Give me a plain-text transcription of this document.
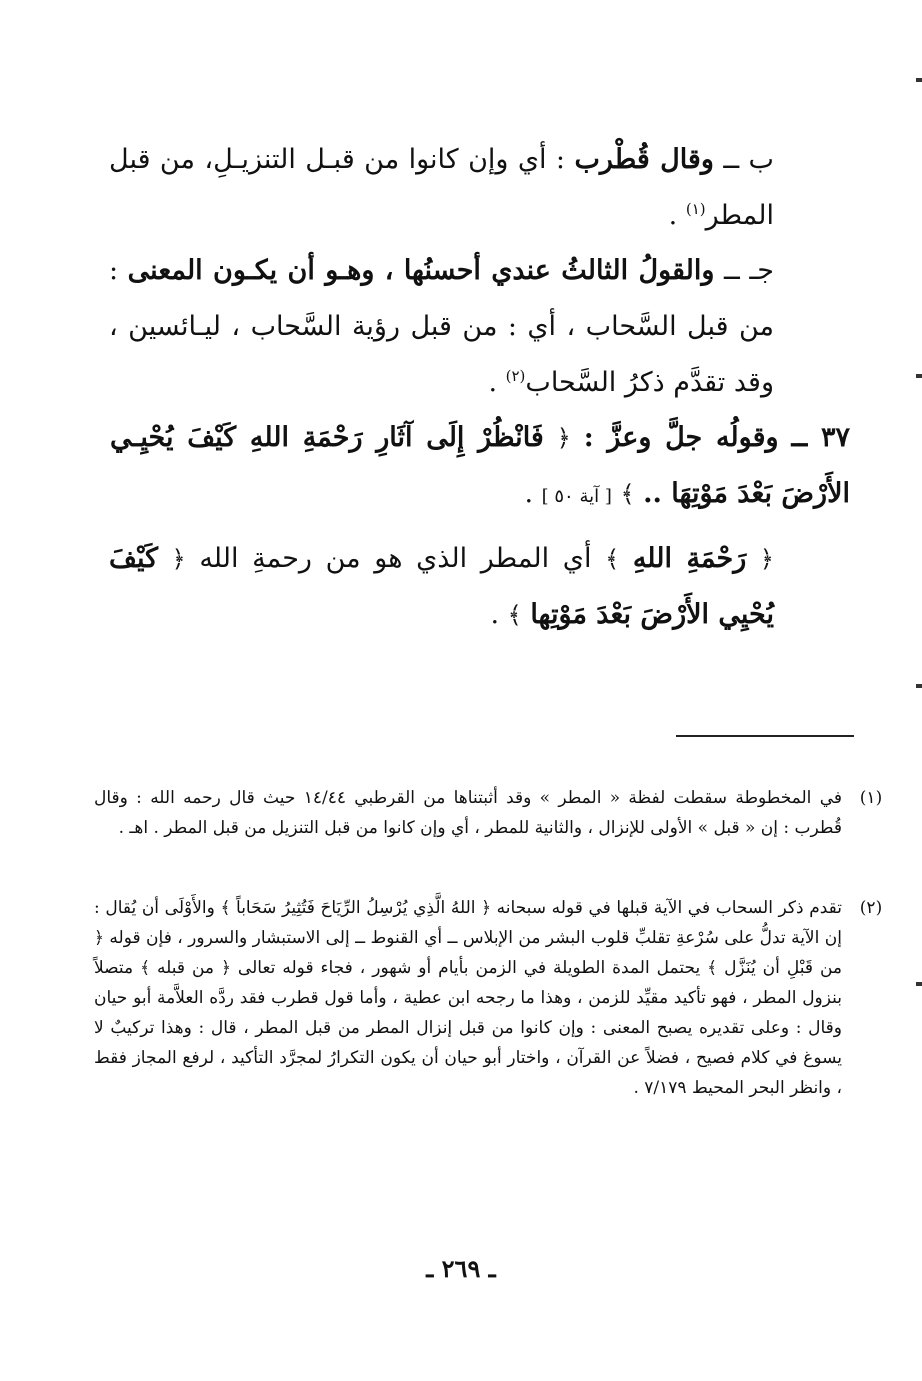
ب ــ وقال قُطْرب : أي وإن كانوا من قبـل التنزيـلِ، من قبل المطر$^{(١)}$ .
جـ ــ والقولُ الثالثُ عندي أحسنُها ، وهـو أن يكـون المعنى : من قبل السَّحاب ، أي : من قبل رؤية السَّحاب ، ليـائسين ، وقد تقدَّم ذكرُ السَّحاب$^{(٢)}$ .
٣٧ ــ وقولُه جلَّ وعزَّ : ﴿ فَانْظُرْ إِلَى آثَارِ رَحْمَةِ اللهِ كَيْفَ يُحْيِـي الأَرْضَ بَعْدَ مَوْتِهَا .. ﴾ [ آية ٥٠ ] .
﴿ رَحْمَةِ اللهِ ﴾ أي المطر الذي هو من رحمةِ الله ﴿ كَيْفَ يُحْيِي الأَرْضَ بَعْدَ مَوْتِها ﴾ .
(١)
في المخطوطة سقطت لفظة « المطر » وقد أثبتناها من القرطبي ١٤/٤٤ حيث قال رحمه الله : وقال قُطرب : إن « قبل » الأولى للإنزال ، والثانية للمطر ، أي وإن كانوا من قبل التنزيل من قبل المطر . اهـ .
(٢)
تقدم ذكر السحاب في الآية قبلها في قوله سبحانه ﴿ اللهُ الَّذِي يُرْسِلُ الرِّيَاحَ فَتُثِيرُ سَحَاباً ﴾ والأَوْلَى أن يُقال : إن الآية تدلُّ على سُرْعةِ تقلبِّ قلوب البشر من الإبلاس ــ أي القنوط ــ إلى الاستبشار والسرور ، فإن قوله ﴿ من قَبْلِ أن يُنَزَّل ﴾ يحتمل المدة الطويلة في الزمن بأيام أو شهور ، فجاء قوله تعالى ﴿ من قبله ﴾ متصلاً بنزول المطر ، فهو تأكيد مقيِّد للزمن ، وهذا ما رجحه ابن عطية ، وأما قول قطرب فقد ردَّه العلاَّمة أبو حيان وقال : وعلى تقديره يصبح المعنى : وإن كانوا من قبل إنزال المطر من قبل المطر ، قال : وهذا تركيبٌ لا يسوغ في كلام فصيح ، فضلاً عن القرآن ، واختار أبو حيان أن يكون التكرارُ لمجرَّد التأكيد ، لرفع المجاز فقط ، وانظر البحر المحيط ٧/١٧٩ .
ـ ٢٦٩ ـ
